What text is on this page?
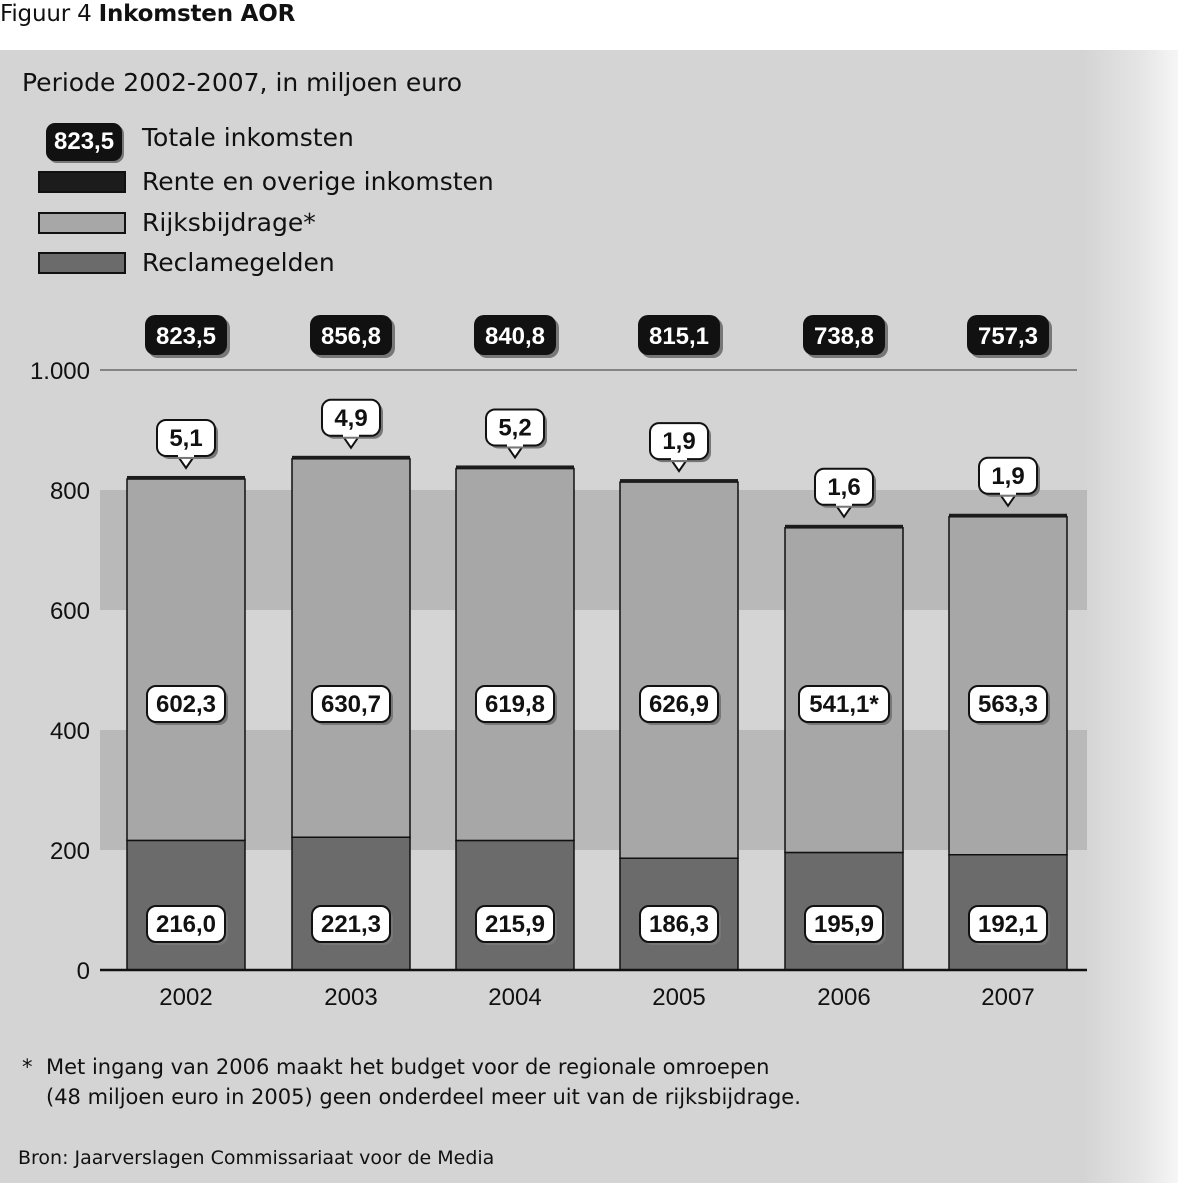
Figuur 4 Inkomsten AOR
Periode 2002-2007, in miljoen euro
823,5	Totale inkomsten
Rente en overige inkomsten
Rijksbijdrage*
Reclamegelden
0
200
400
600
800
1.000
216,0
602,3
5,1
823,5
2002
221,3
630,7
4,9
856,8
2003
215,9
619,8
5,2
840,8
2004
186,3
626,9
1,9
815,1
2005
195,9
541,1*
1,6
738,8
2006
192,1
563,3
1,9
757,3
2007
* Met ingang van 2006 maakt het budget voor de regionale omroepen
(48 miljoen euro in 2005) geen onderdeel meer uit van de rijksbijdrage.
Bron: Jaarverslagen Commissariaat voor de Media
